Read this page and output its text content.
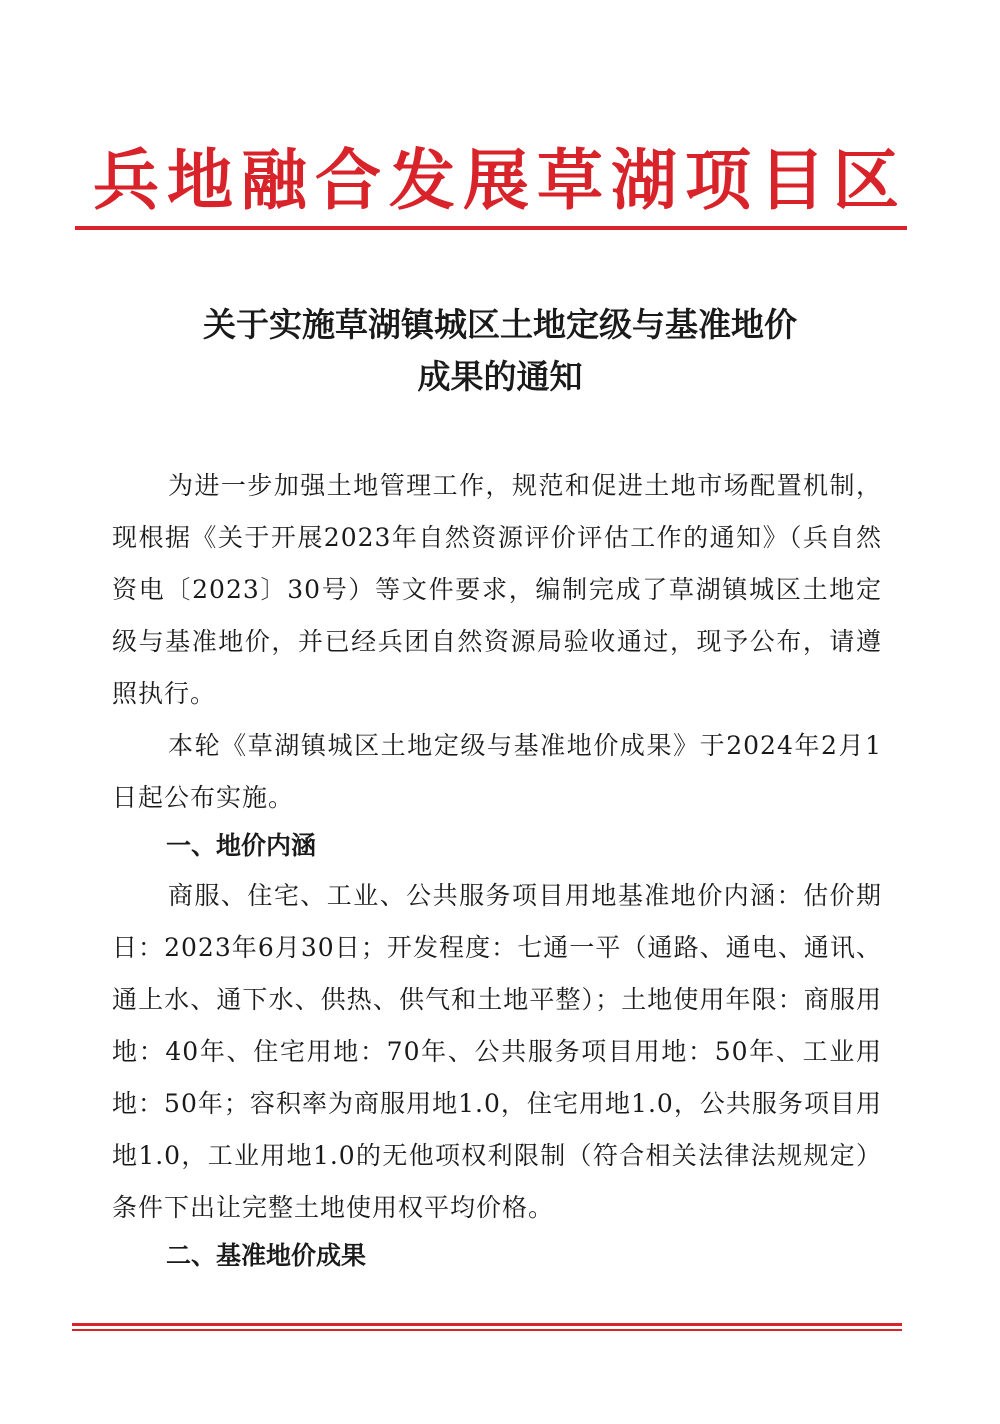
兵地融合发展草湖项目区
关于实施草湖镇城区土地定级与基准地价
成果的通知

为进一步加强土地管理工作，规范和促进土地市场配置机制，现根据《关于开展2023年自然资源评价评估工作的通知》（兵自然资电〔2023〕30号）等文件要求，编制完成了草湖镇城区土地定级与基准地价，并已经兵团自然资源局验收通过，现予公布，请遵照执行。

本轮《草湖镇城区土地定级与基准地价成果》于2024年2月1日起公布实施。

一、地价内涵

商服、住宅、工业、公共服务项目用地基准地价内涵：估价期日：2023年6月30日；开发程度：七通一平（通路、通电、通讯、通上水、通下水、供热、供气和土地平整）；土地使用年限：商服用地：40年、住宅用地：70年、公共服务项目用地：50年、工业用地：50年；容积率为商服用地1.0，住宅用地1.0，公共服务项目用地1.0，工业用地1.0的无他项权利限制（符合相关法律法规规定）条件下出让完整土地使用权平均价格。

二、基准地价成果
